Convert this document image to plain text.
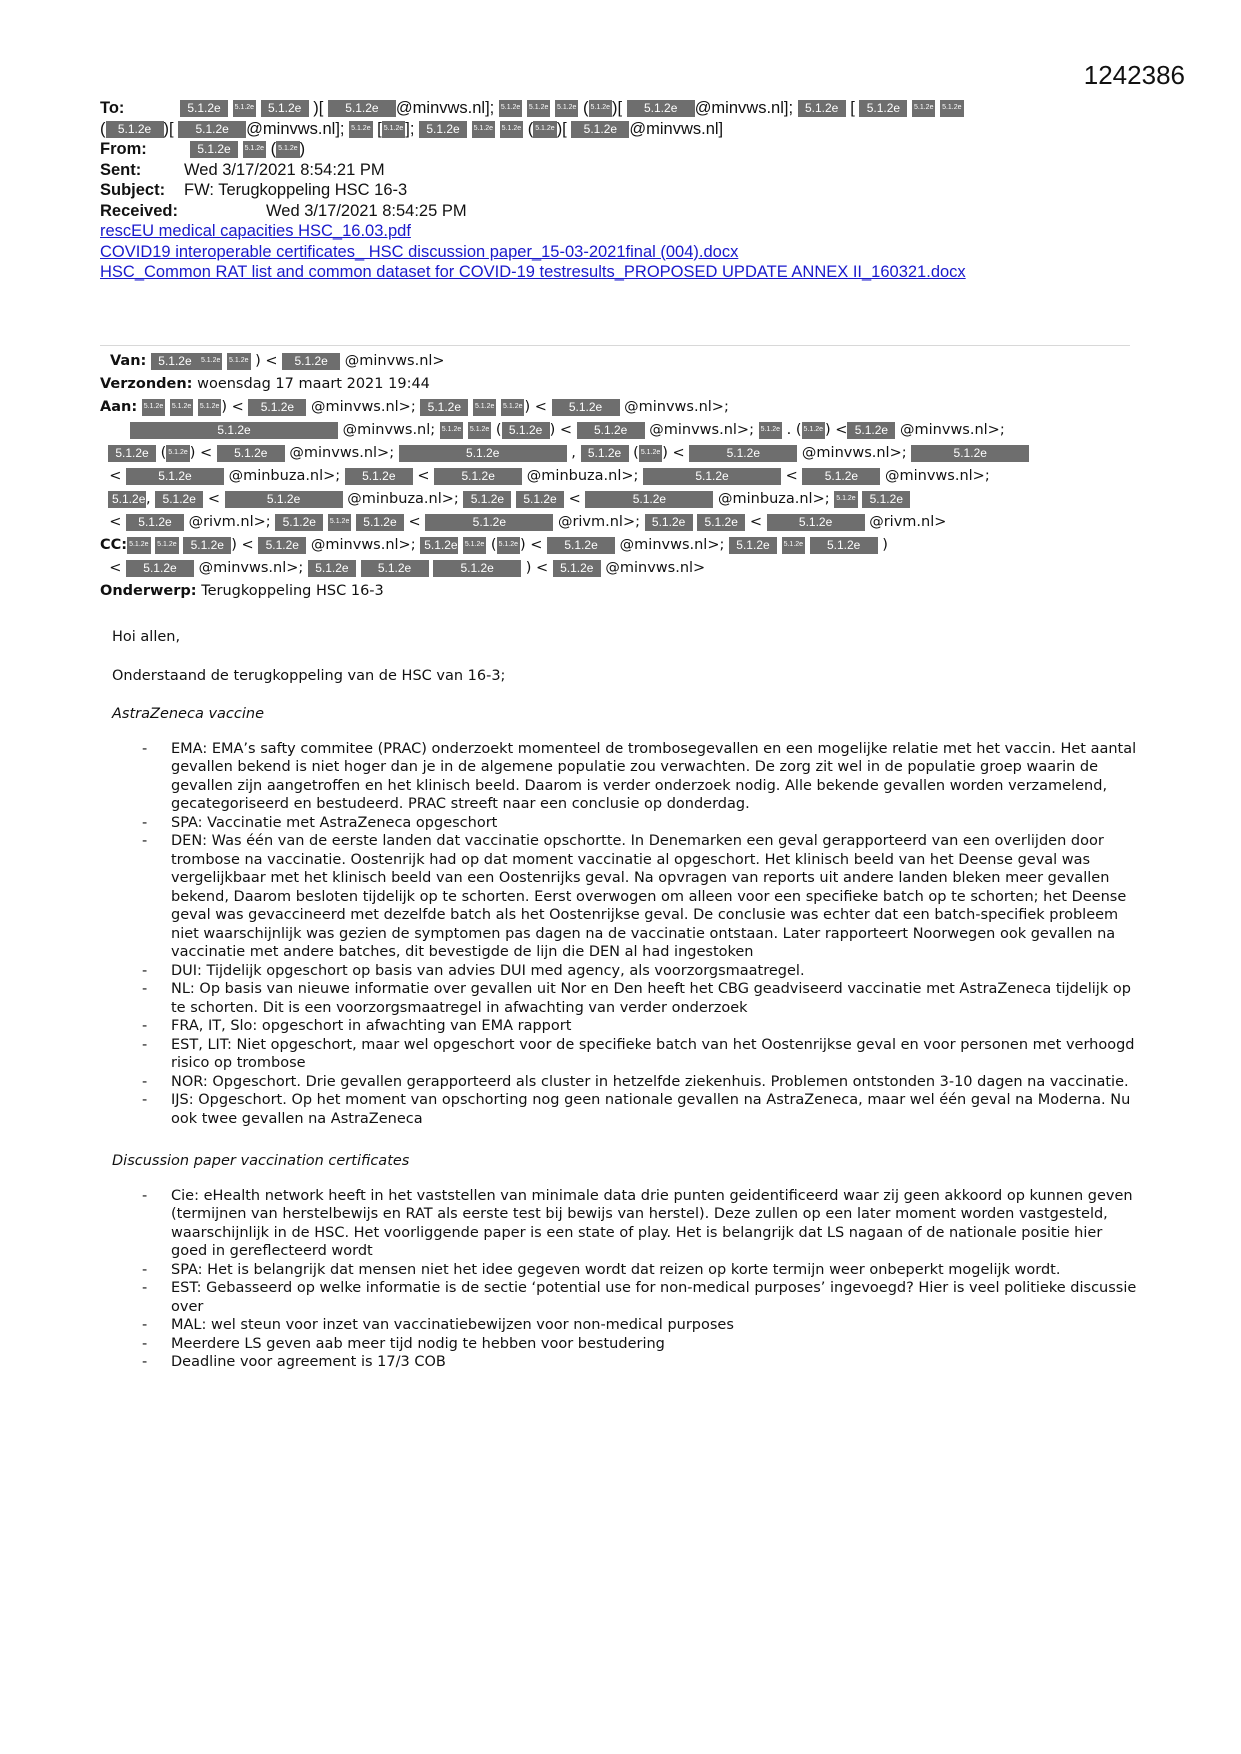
1242386
To:	5.1.2e 5.1.2e 5.1.2e )[ 5.1.2e @minvws.nl]; 5.1.2e 5.1.2e 5.1.2e ( 5.1.2e )[ 5.1.2e @minvws.nl]; 5.1.2e [ 5.1.2e 5.1.2e 5.1.2e
( 5.1.2e )[ 5.1.2e @minvws.nl]; 5.1.2e [ 5.1.2e ]; 5.1.2e 5.1.2e 5.1.2e ( 5.1.2e )[ 5.1.2e @minvws.nl]
From:	5.1.2e 5.1.2e ( 5.1.2e )
Sent:	Wed 3/17/2021 8:54:21 PM
Subject: FW: Terugkoppeling HSC 16-3
Received:	Wed 3/17/2021 8:54:25 PM
rescEU medical capacities HSC_16.03.pdf
COVID19 interoperable certificates_ HSC discussion paper_15-03-2021final (004).docx
HSC_Common RAT list and common dataset for COVID-19 testresults_PROPOSED UPDATE ANNEX II_160321.docx
Van: 5.1.2e 5.1.2e 5.1.2e ) < 5.1.2e @minvws.nl>
Verzonden: woensdag 17 maart 2021 19:44
Aan: 5.1.2e 5.1.2e 5.1.2e ) < 5.1.2e @minvws.nl>; 5.1.2e 5.1.2e 5.1.2e ) < 5.1.2e @minvws.nl>;
5.1.2e	@minvws.nl; 5.1.2e 5.1.2e ( 5.1.2e ) < 5.1.2e @minvws.nl>; 5.1.2e . ( 5.1.2e ) < 5.1.2e @minvws.nl>;
5.1.2e ( 5.1.2e ) < 5.1.2e @minvws.nl>;	5.1.2e	, 5.1.2e ( 5.1.2e ) <	5.1.2e	@minvws.nl>;	5.1.2e
<	5.1.2e	@minbuza.nl>; 5.1.2e < 5.1.2e @minbuza.nl>;	5.1.2e	< 5.1.2e @minvws.nl>;
5.1.2e, 5.1.2e <	5.1.2e	@minbuza.nl>; 5.1.2e 5.1.2e <	5.1.2e	@minbuza.nl>; 5.1.2e 5.1.2e
< 5.1.2e @rivm.nl>; 5.1.2e 5.1.2e 5.1.2e <	5.1.2e	@rivm.nl>; 5.1.2e 5.1.2e <	5.1.2e	@rivm.nl>
CC: 5.1.2e 5.1.2e 5.1.2e ) < 5.1.2e @minvws.nl>; 5.1.2e 5.1.2e ( 5.1.2e ) < 5.1.2e @minvws.nl>; 5.1.2e 5.1.2e 5.1.2e )
< 5.1.2e @minvws.nl>; 5.1.2e 5.1.2e	5.1.2e ) < 5.1.2e @minvws.nl>
Onderwerp: Terugkoppeling HSC 16-3

Hoi allen,

Onderstaand de terugkoppeling van de HSC van 16-3;

AstraZeneca vaccine
- EMA: EMA’s safty commitee (PRAC) onderzoekt momenteel de trombosegevallen en een mogelijke relatie met het vaccin. Het aantal gevallen bekend is niet hoger dan je in de algemene populatie zou verwachten. De zorg zit wel in de populatie groep waarin de gevallen zijn aangetroffen en het klinisch beeld. Daarom is verder onderzoek nodig. Alle bekende gevallen worden verzamelend, gecategoriseerd en bestudeerd. PRAC streeft naar een conclusie op donderdag.
- SPA: Vaccinatie met AstraZeneca opgeschort
- DEN: Was één van de eerste landen dat vaccinatie opschortte. In Denemarken een geval gerapporteerd van een overlijden door trombose na vaccinatie. Oostenrijk had op dat moment vaccinatie al opgeschort. Het klinisch beeld van het Deense geval was vergelijkbaar met het klinisch beeld van een Oostenrijks geval. Na opvragen van reports uit andere landen bleken meer gevallen bekend, Daarom besloten tijdelijk op te schorten. Eerst overwogen om alleen voor een specifieke batch op te schorten; het Deense geval was gevaccineerd met dezelfde batch als het Oostenrijkse geval. De conclusie was echter dat een batch-specifiek probleem niet waarschijnlijk was gezien de symptomen pas dagen na de vaccinatie ontstaan. Later rapporteert Noorwegen ook gevallen na vaccinatie met andere batches, dit bevestigde de lijn die DEN al had ingestoken
- DUI: Tijdelijk opgeschort op basis van advies DUI med agency, als voorzorgsmaatregel.
- NL: Op basis van nieuwe informatie over gevallen uit Nor en Den heeft het CBG geadviseerd vaccinatie met AstraZeneca tijdelijk op te schorten. Dit is een voorzorgsmaatregel in afwachting van verder onderzoek
- FRA, IT, Slo: opgeschort in afwachting van EMA rapport
- EST, LIT: Niet opgeschort, maar wel opgeschort voor de specifieke batch van het Oostenrijkse geval en voor personen met verhoogd risico op trombose
- NOR: Opgeschort. Drie gevallen gerapporteerd als cluster in hetzelfde ziekenhuis. Problemen ontstonden 3-10 dagen na vaccinatie.
- IJS: Opgeschort. Op het moment van opschorting nog geen nationale gevallen na AstraZeneca, maar wel één geval na Moderna. Nu ook twee gevallen na AstraZeneca
Discussion paper vaccination certificates
- Cie: eHealth network heeft in het vaststellen van minimale data drie punten geidentificeerd waar zij geen akkoord op kunnen geven (termijnen van herstelbewijs en RAT als eerste test bij bewijs van herstel). Deze zullen op een later moment worden vastgesteld, waarschijnlijk in de HSC. Het voorliggende paper is een state of play. Het is belangrijk dat LS nagaan of de nationale positie hier goed in gereflecteerd wordt
- SPA: Het is belangrijk dat mensen niet het idee gegeven wordt dat reizen op korte termijn weer onbeperkt mogelijk wordt.
- EST: Gebasseerd op welke informatie is de sectie ‘potential use for non-medical purposes’ ingevoegd? Hier is veel politieke discussie over
- MAL: wel steun voor inzet van vaccinatiebewijzen voor non-medical purposes
- Meerdere LS geven aab meer tijd nodig te hebben voor bestudering
- Deadline voor agreement is 17/3 COB
